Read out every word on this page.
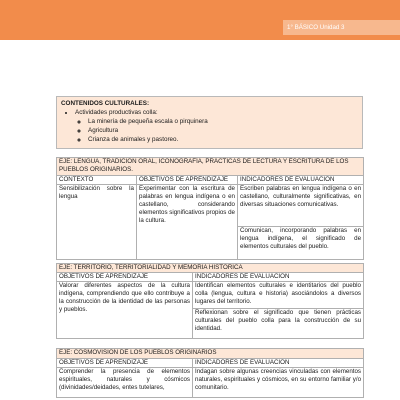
1° BÁSICO Unidad 3
CONTENIDOS CULTURALES:
• Actividades productivas colla:
◦ La minería de pequeña escala o pirquinera
◦ Agricultura
◦ Crianza de animales y pastoreo.
EJE: LENGUA, TRADICIÓN ORAL, ICONOGRAFÍA, PRÁCTICAS DE LECTURA Y ESCRITURA DE LOS PUEBLOS ORIGINARIOS.		
CONTEXTO	OBJETIVOS DE APRENDIZAJE	INDICADORES DE EVALUACIÓN
Sensibilización sobre la lengua	Experimentar con la escritura de palabras en lengua indígena o en castellano, considerando elementos significativos propios de la cultura.	Escriben palabras en lengua indígena o en castellano, culturalmente significativas, en diversas situaciones comunicativas.
		Comunican, incorporando palabras en lengua indígena, el significado de elementos culturales del pueblo.
EJE: TERRITORIO, TERRITORIALIDAD Y MEMORIA HISTÓRICA	
OBJETIVOS DE APRENDIZAJE	INDICADORES DE EVALUACIÓN
Valorar diferentes aspectos de la cultura indígena, comprendiendo que ello contribuye a la construcción de la identidad de las personas y pueblos.	Identifican elementos culturales e identitarios del pueblo colla (lengua, cultura e historia) asociándolos a diversos lugares del territorio.
	Reflexionan sobre el significado que tienen prácticas culturales del pueblo colla para la construcción de su identidad.
EJE: COSMOVISIÓN DE LOS PUEBLOS ORIGINARIOS	
OBJETIVOS DE APRENDIZAJE	INDICADORES DE EVALUACIÓN
Comprender la presencia de elementos espirituales, naturales y cósmicos (divinidades/deidades, entes tutelares,	Indagan sobre algunas creencias vinculadas con elementos naturales, espirituales y cósmicos, en su entorno familiar y/o comunitario.
